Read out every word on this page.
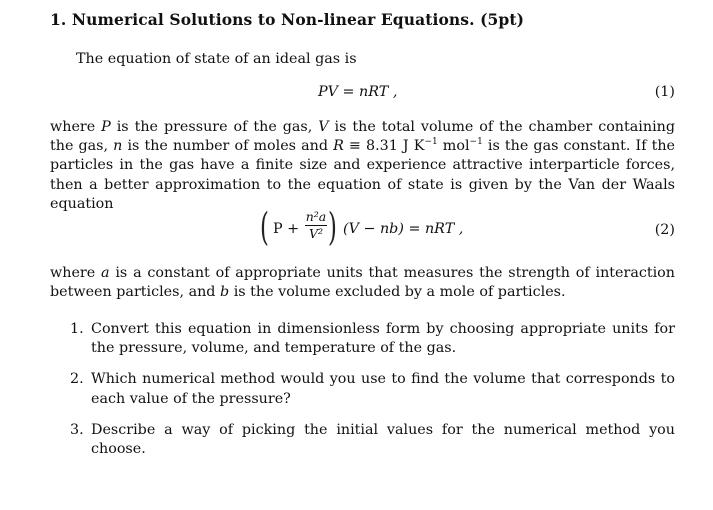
1. Numerical Solutions to Non-linear Equations. (5pt)
The equation of state of an ideal gas is
PV = nRT ,	(1)
where P is the pressure of the gas, V is the total volume of the chamber containing the gas, n is the number of moles and R ≡ 8.31 J $K^{-1}$ mol$^{-1}$ is the gas constant. If the particles in the gas have a finite size and experience attractive interparticle forces, then a better approximation to the equation of state is given by the Van der Waals equation
( P +
n²a
V² ) (V − nb) = nRT ,	(2)
where a is a constant of appropriate units that measures the strength of interaction between particles, and b is the volume excluded by a mole of particles.
1. Convert this equation in dimensionless form by choosing appropriate units for the pressure, volume, and temperature of the gas.
2. Which numerical method would you use to find the volume that corresponds to each value of the pressure?
3. Describe a way of picking the initial values for the numerical method you choose.
